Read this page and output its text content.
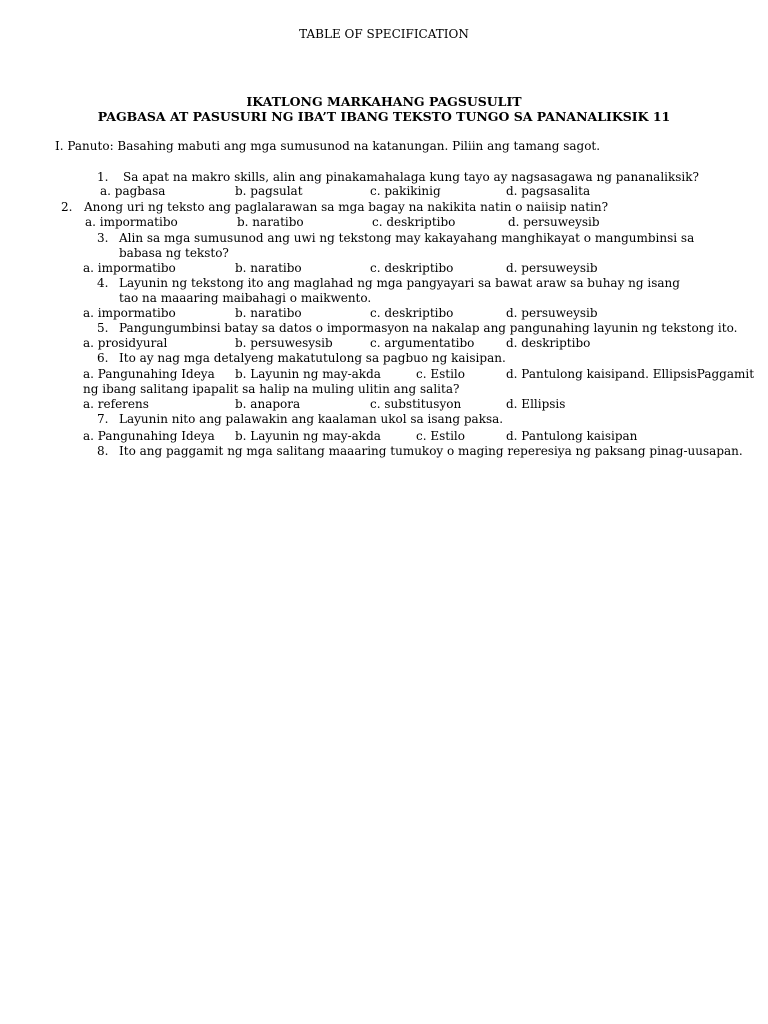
TABLE OF SPECIFICATION
IKATLONG MARKAHANG PAGSUSULIT
PAGBASA AT PASUSURI NG IBA’T IBANG TEKSTO TUNGO SA PANANALIKSIK 11
I. Panuto: Basahing mabuti ang mga sumusunod na katanungan. Piliin ang tamang sagot.
1. Sa apat na makro skills, alin ang pinakamahalaga kung tayo ay nagsasagawa ng pananaliksik?
a. pagbasa	b. pagsulat	c. pakikinig	d. pagsasalita
2. Anong uri ng teksto ang paglalarawan sa mga bagay na nakikita natin o naiisip natin?
a. impormatibo	b. naratibo	c. deskriptibo	d. persuweysib
3. Alin sa mga sumusunod ang uwi ng tekstong may kakayahang manghikayat o mangumbinsi sa
babasa ng teksto?
a. impormatibo	b. naratibo	c. deskriptibo	d. persuweysib
4. Layunin ng tekstong ito ang maglahad ng mga pangyayari sa bawat araw sa buhay ng isang
tao na maaaring maibahagi o maikwento.
a. impormatibo	b. naratibo	c. deskriptibo	d. persuweysib
5. Pangungumbinsi batay sa datos o impormasyon na nakalap ang pangunahing layunin ng tekstong ito.
a. prosidyural	b. persuwesysib	c. argumentatibo	d. deskriptibo
6. Ito ay nag mga detalyeng makatutulong sa pagbuo ng kaisipan.
a. Pangunahing Ideya b. Layunin ng may-akda	c. Estilo	d. Pantulong kaisipand. EllipsisPaggamit
ng ibang salitang ipapalit sa halip na muling ulitin ang salita?
a. referens	b. anapora	c. substitusyon	d. Ellipsis
7. Layunin nito ang palawakin ang kaalaman ukol sa isang paksa.
a. Pangunahing Ideya b. Layunin ng may-akda	c. Estilo	d. Pantulong kaisipan
8. Ito ang paggamit ng mga salitang maaaring tumukoy o maging reperesiya ng paksang pinag-uusapan.
